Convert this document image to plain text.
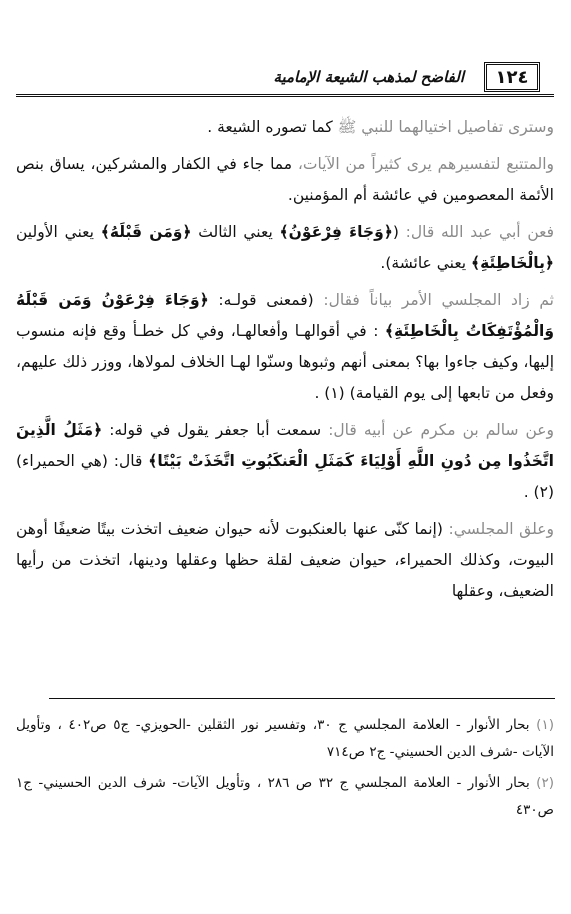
١٢٤
الفاضح لمذهب الشيعة الإمامية

وسترى تفاصيل اختيالهما للنبي ﷺ كما تصوره الشيعة .

والمتتبع لتفسيرهم يرى كثيراً من الآيات، مما جاء في الكفار والمشركين، يساق بنص الأئمة المعصومين في عائشة أم المؤمنين.

فعن أبي عبد الله قال: (﴿وَجَاءَ فِرْعَوْنُ﴾ يعني الثالث ﴿وَمَن قَبْلَهُ﴾ يعني الأولين ﴿بِالْخَاطِئَةِ﴾ يعني عائشة).

ثم زاد المجلسي الأمر بياناً فقال: (فمعنى قولـه: ﴿وَجَاءَ فِرْعَوْنُ وَمَن قَبْلَهُ وَالْمُؤْتَفِكَاتُ بِالْخَاطِئَةِ﴾ : في أقوالهـا وأفعالهـا، وفي كل خطـأ وقع فإنه منسوب إليها، وكيف جاءوا بها؟ بمعنى أنهم وثبوها وسنّوا لهـا الخلاف لمولاها، ووزر ذلك عليهم، وفعل من تابعها إلى يوم القيامة) (١) .

وعن سالم بن مكرم عن أبيه قال: سمعت أبا جعفر يقول في قوله: ﴿مَثَلُ الَّذِينَ اتَّخَذُوا مِن دُونِ اللَّهِ أَوْلِيَاءَ كَمَثَلِ الْعَنكَبُوتِ اتَّخَذَتْ بَيْتًا﴾ قال: (هي الحميراء) (٢) .

وعلق المجلسي: (إنما كنّى عنها بالعنكبوت لأنه حيوان ضعيف اتخذت بيتًا ضعيفًا أوهن البيوت، وكذلك الحميراء، حيوان ضعيف لقلة حظها وعقلها ودينها، اتخذت من رأيها الضعيف، وعقلها

(١) بحار الأنوار - العلامة المجلسي ج ٣٠، وتفسير نور الثقلين -الحويزي- ج٥ ص٤٠٢ ، وتأويل الآيات -شرف الدين الحسيني- ج٢ ص٧١٤

(٢) بحار الأنوار - العلامة المجلسي ج ٣٢ ص ٢٨٦ ، وتأويل الآيات- شرف الدين الحسيني- ج١ ص٤٣٠
